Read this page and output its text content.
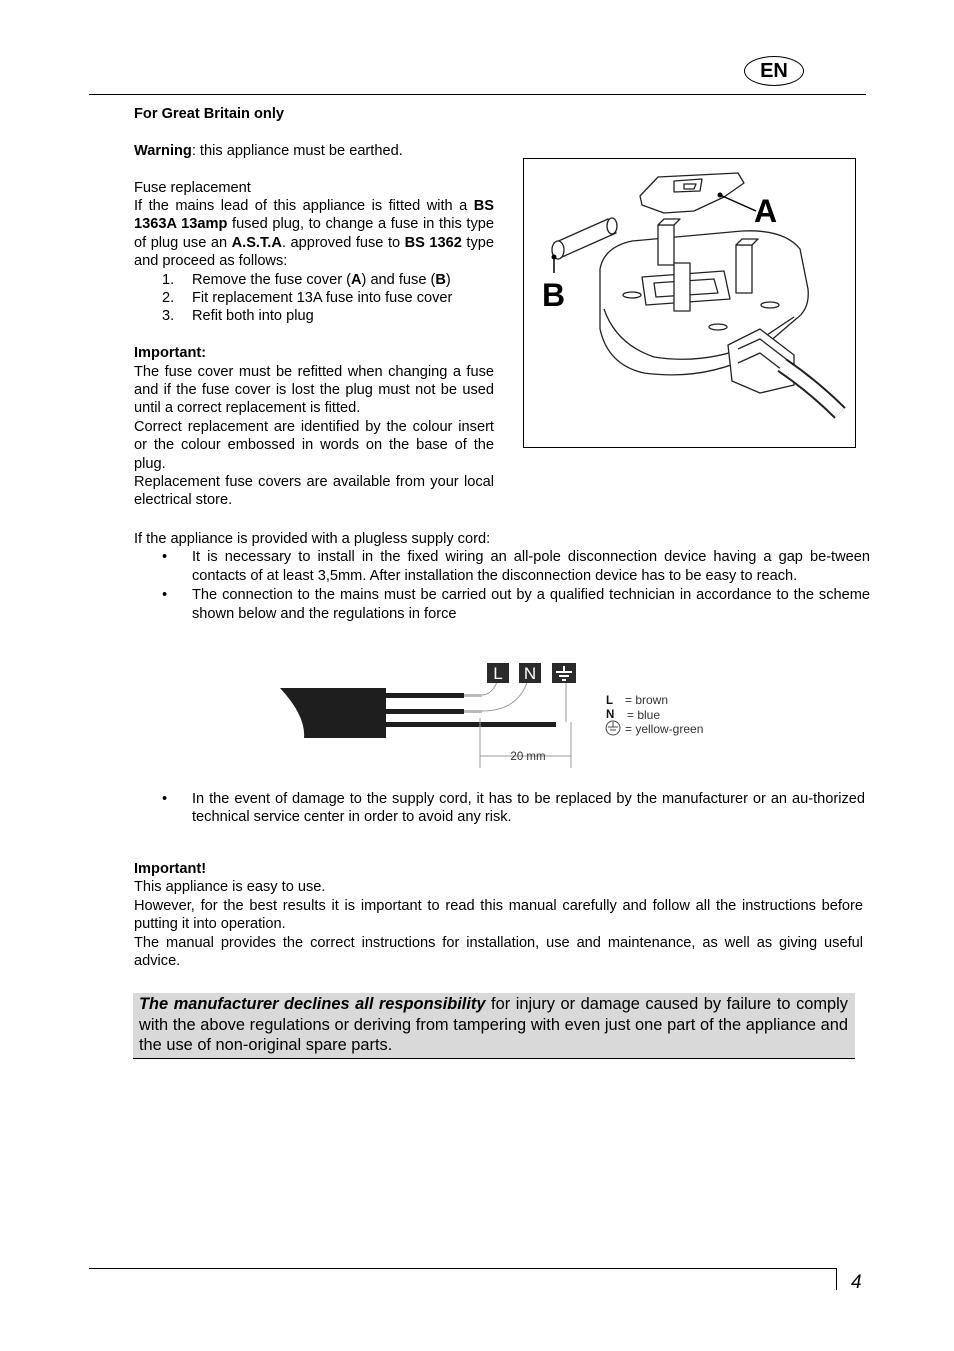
EN

For Great Britain only

Warning: this appliance must be earthed.

Fuse replacement

If the mains lead of this appliance is fitted with a BS 1363A 13amp fused plug, to change a fuse in this type of plug use an A.S.T.A. approved fuse to BS 1362 type and proceed as follows:

1. Remove the fuse cover (A) and fuse (B)
2. Fit replacement 13A fuse into fuse cover
3. Refit both into plug

Important:

The fuse cover must be refitted when changing a fuse and if the fuse cover is lost the plug must not be used until a correct replacement is fitted.

Correct replacement are identified by the colour insert or the colour embossed in words on the base of the plug.

Replacement fuse covers are available from your local electrical store.

A
B

If the appliance is provided with a plugless supply cord:

• It is necessary to install in the fixed wiring an all-pole disconnection device having a gap be-tween contacts of at least 3,5mm. After installation the disconnection device has to be easy to reach.
• The connection to the mains must be carried out by a qualified technician in accordance to the scheme shown below and the regulations in force
L N
20 mm
L = brown
N = blue
= yellow-green
• In the event of damage to the supply cord, it has to be replaced by the manufacturer or an au-thorized technical service center in order to avoid any risk.

Important!

This appliance is easy to use.

However, for the best results it is important to read this manual carefully and follow all the instructions before putting it into operation.

The manual provides the correct instructions for installation, use and maintenance, as well as giving useful advice.

The manufacturer declines all responsibility for injury or damage caused by failure to comply with the above regulations or deriving from tampering with even just one part of the appliance and the use of non-original spare parts.
4
